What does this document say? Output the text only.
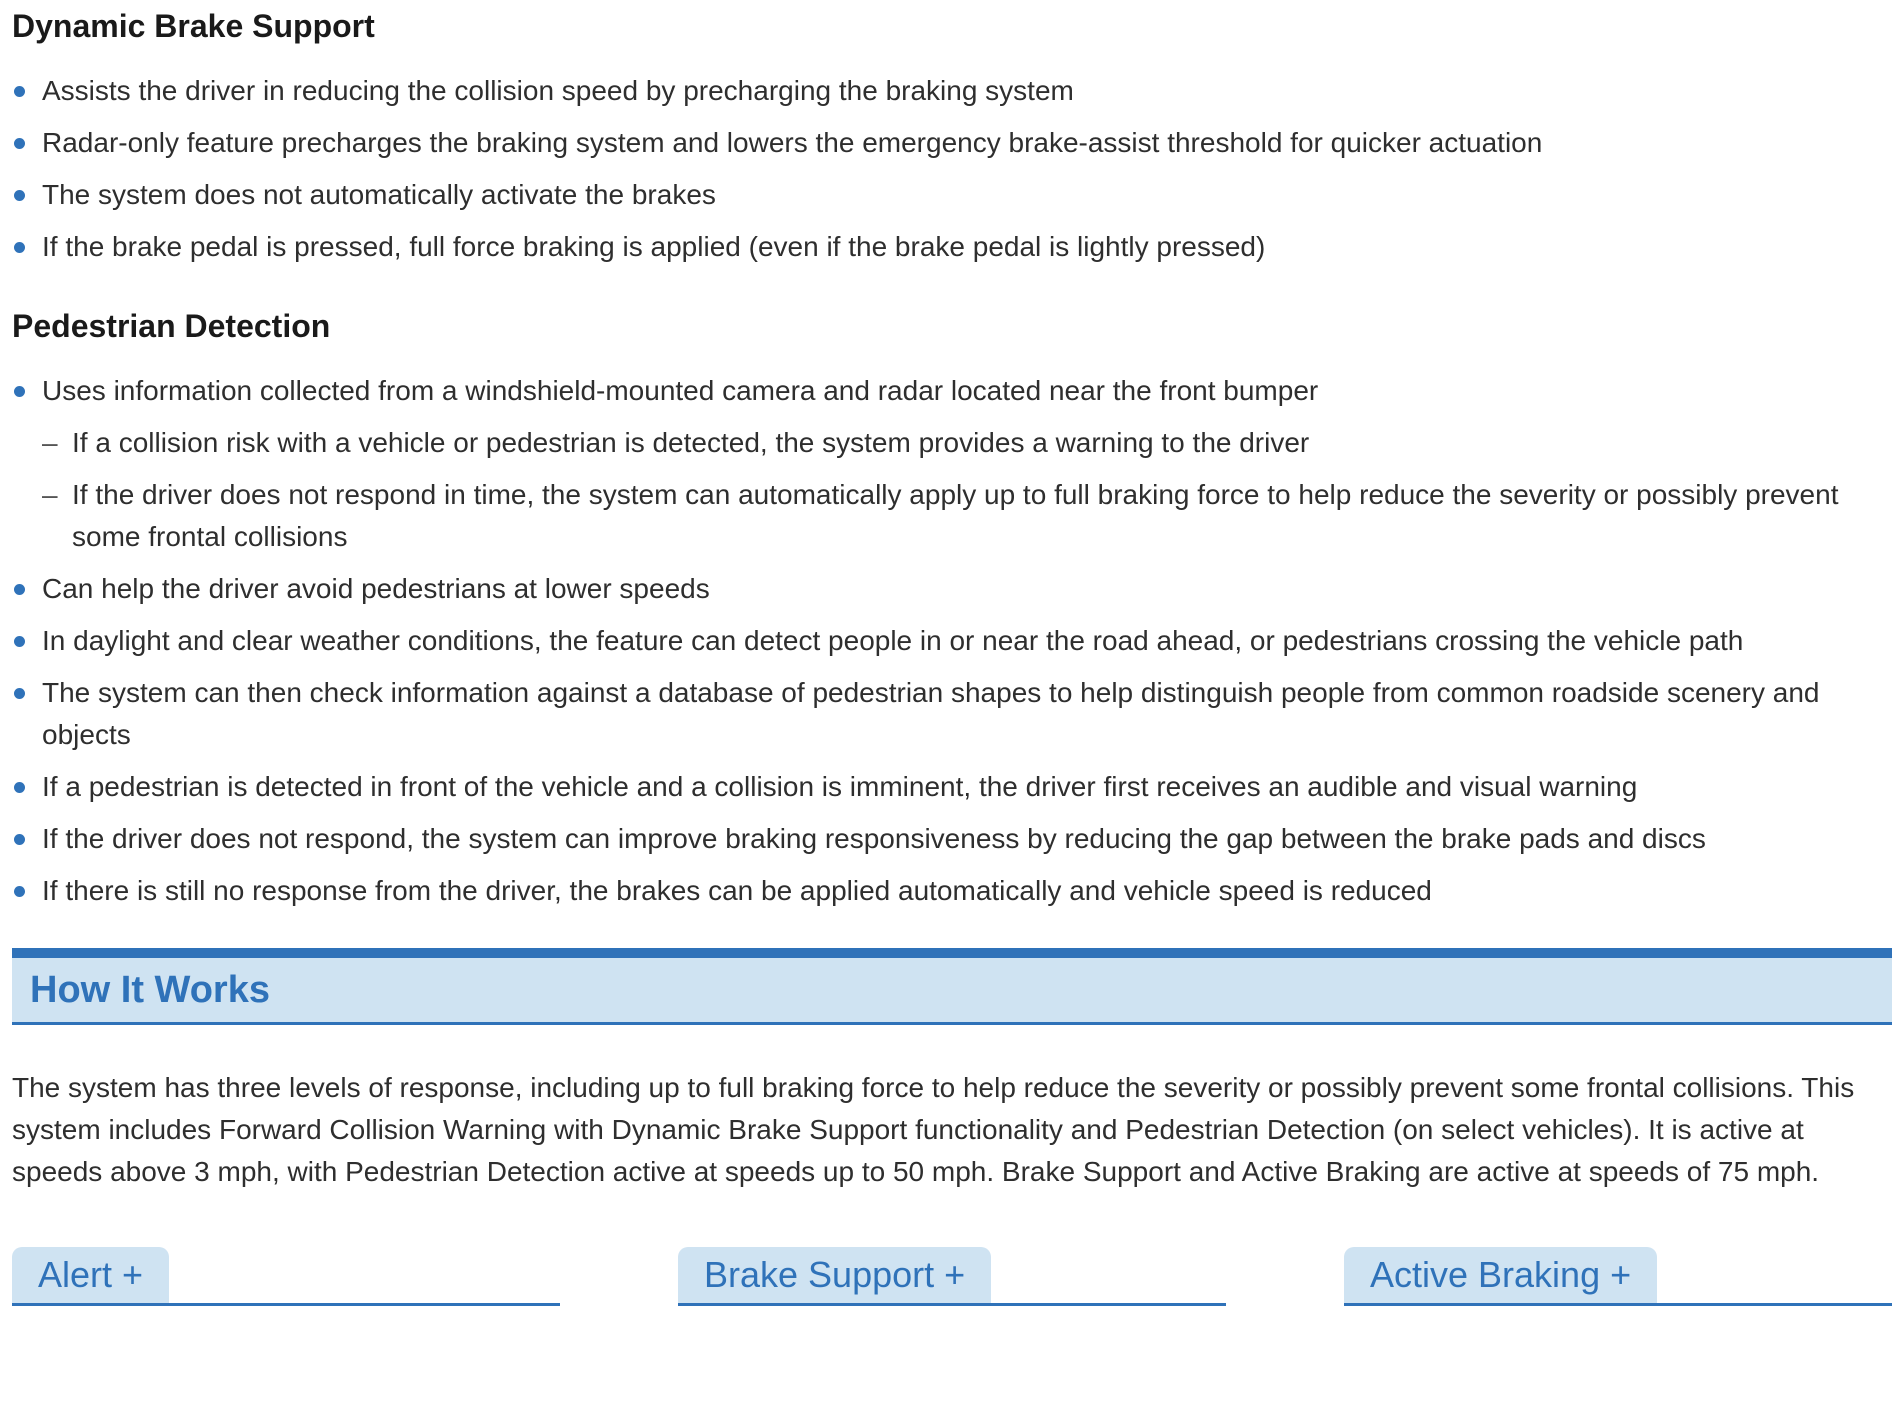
Dynamic Brake Support
Assists the driver in reducing the collision speed by precharging the braking system
Radar-only feature precharges the braking system and lowers the emergency brake-assist threshold for quicker actuation
The system does not automatically activate the brakes
If the brake pedal is pressed, full force braking is applied (even if the brake pedal is lightly pressed)
Pedestrian Detection
Uses information collected from a windshield-mounted camera and radar located near the front bumper
– If a collision risk with a vehicle or pedestrian is detected, the system provides a warning to the driver
– If the driver does not respond in time, the system can automatically apply up to full braking force to help reduce the severity or possibly prevent some frontal collisions
Can help the driver avoid pedestrians at lower speeds
In daylight and clear weather conditions, the feature can detect people in or near the road ahead, or pedestrians crossing the vehicle path
The system can then check information against a database of pedestrian shapes to help distinguish people from common roadside scenery and objects
If a pedestrian is detected in front of the vehicle and a collision is imminent, the driver first receives an audible and visual warning
If the driver does not respond, the system can improve braking responsiveness by reducing the gap between the brake pads and discs
If there is still no response from the driver, the brakes can be applied automatically and vehicle speed is reduced
How It Works

The system has three levels of response, including up to full braking force to help reduce the severity or possibly prevent some frontal collisions. This system includes Forward Collision Warning with Dynamic Brake Support functionality and Pedestrian Detection (on select vehicles). It is active at speeds above 3 mph, with Pedestrian Detection active at speeds up to 50 mph. Brake Support and Active Braking are active at speeds of 75 mph.

Alert +	Brake Support +	Active Braking +
